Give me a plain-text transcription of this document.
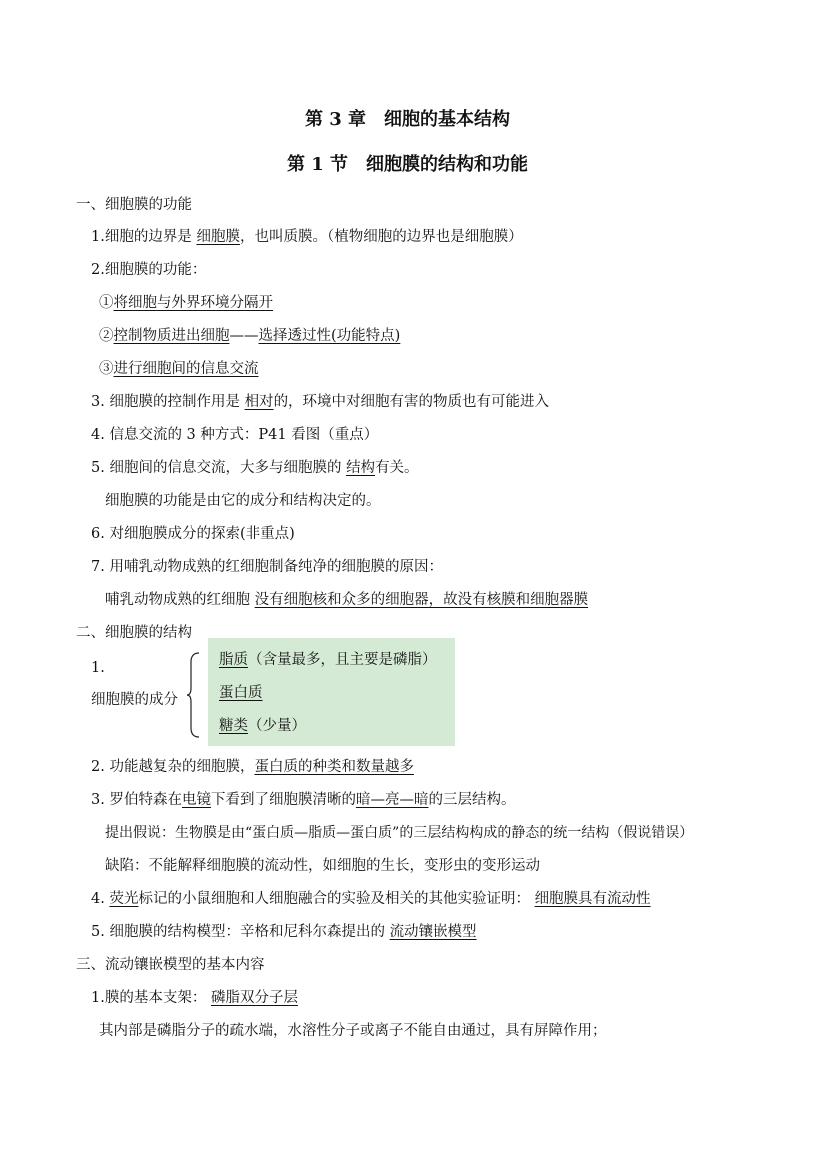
第 3 章　细胞的基本结构
第 1 节　细胞膜的结构和功能
一、细胞膜的功能
1.细胞的边界是 细胞膜，也叫质膜。（植物细胞的边界也是细胞膜）
2.细胞膜的功能：
①将细胞与外界环境分隔开
②控制物质进出细胞——选择透过性(功能特点)
③进行细胞间的信息交流
3. 细胞膜的控制作用是 相对的，环境中对细胞有害的物质也有可能进入
4. 信息交流的 3 种方式：P41 看图（重点）
5. 细胞间的信息交流，大多与细胞膜的 结构有关。
细胞膜的功能是由它的成分和结构决定的。
6. 对细胞膜成分的探索(非重点)
7. 用哺乳动物成熟的红细胞制备纯净的细胞膜的原因：
哺乳动物成熟的红细胞 没有细胞核和众多的细胞器，故没有核膜和细胞器膜
二、细胞膜的结构
1.
细胞膜的成分
脂质（含量最多，且主要是磷脂）
蛋白质
糖类（少量）
2. 功能越复杂的细胞膜，蛋白质的种类和数量越多
3. 罗伯特森在电镜下看到了细胞膜清晰的暗—亮—暗的三层结构。
提出假说：生物膜是由“蛋白质—脂质—蛋白质”的三层结构构成的静态的统一结构（假说错误）
缺陷：不能解释细胞膜的流动性，如细胞的生长，变形虫的变形运动
4. 荧光标记的小鼠细胞和人细胞融合的实验及相关的其他实验证明： 细胞膜具有流动性
5. 细胞膜的结构模型：辛格和尼科尔森提出的 流动镶嵌模型
三、流动镶嵌模型的基本内容
1.膜的基本支架： 磷脂双分子层
其内部是磷脂分子的疏水端，水溶性分子或离子不能自由通过，具有屏障作用；
